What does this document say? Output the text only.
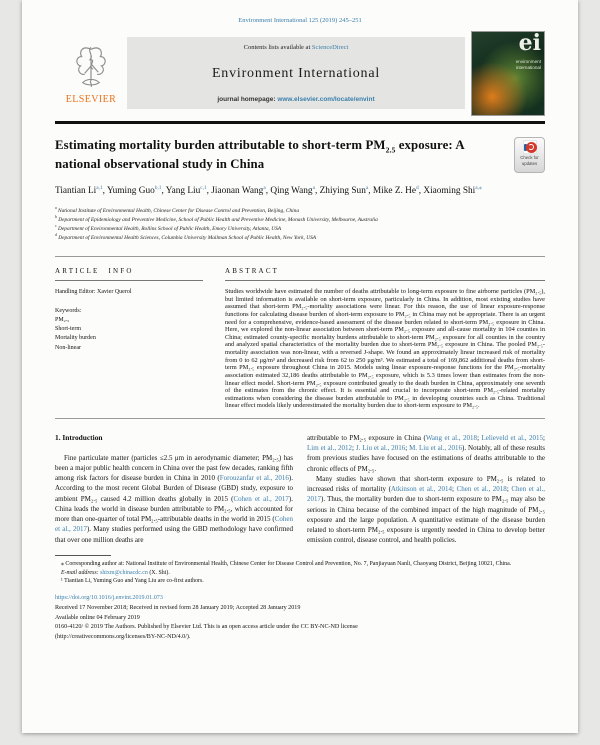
Environment International 125 (2019) 245–251
ELSEVIER
Contents lists available at ScienceDirect
Environment International
journal homepage: www.elsevier.com/locate/envint
ei
environment
international
Estimating mortality burden attributable to short-term $PM_{2.5}$ exposure: A national observational study in China	Check for
updates
Tiantian Li$^{a,1}$, Yuming Guo$^{b,1}$, Yang Liu$^{c,1}$, Jiaonan Wang$^a$, Qing Wang$^a$, Zhiying Sun$^a$, Mike Z. He$^d$, Xiaoming Shi$^{a,⁎}$
$^a$ National Institute of Environmental Health, Chinese Center for Disease Control and Prevention, Beijing, China
$^b$ Department of Epidemiology and Preventive Medicine, School of Public Health and Preventive Medicine, Monash University, Melbourne, Australia
$^c$ Department of Environmental Health, Rollins School of Public Health, Emory University, Atlanta, USA
$^d$ Department of Environmental Health Sciences, Columbia University Mailman School of Public Health, New York, USA
ARTICLE INFO
Handling Editor: Xavier Querol
Keywords:
PM₂.₅
Short-term
Mortality burden
Non-linear
ABSTRACT
Studies worldwide have estimated the number of deaths attributable to long-term exposure to fine airborne particles (PM₂.₅), but limited information is available on short-term exposure, particularly in China. In addition, most existing studies have assumed that short-term PM₂.₅-mortality associations were linear. For this reason, the use of linear exposure-response functions for calculating disease burden of short-term exposure to PM₂.₅ in China may not be appropriate. There is an urgent need for a comprehensive, evidence-based assessment of the disease burden related to short-term PM₂.₅ exposure in China. Here, we explored the non-linear association between short-term PM₂.₅ exposure and all-cause mortality in 104 counties in China; estimated county-specific mortality burdens attributable to short-term PM₂.₅ exposure for all counties in the country and analyzed spatial characteristics of the mortality burden due to short-term PM₂.₅ exposure in China. The pooled PM₂.₅-mortality association was non-linear, with a reversed J-shape. We found an approximately linear increased risk of mortality from 0 to 62 μg/m³ and decreased risk from 62 to 250 μg/m³. We estimated a total of 169,862 additional deaths from short-term PM₂.₅ exposure throughout China in 2015. Models using linear exposure-response functions for the PM₂.₅-mortality association estimated 32,186 deaths attributable to PM₂.₅ exposure, which is 5.3 times lower than estimates from the non-linear effect model. Short-term PM₂.₅ exposure contributed greatly to the death burden in China, approximately one seventh of the estimates from the chronic effect. It is essential and crucial to incorporate short-term PM₂.₅-related mortality estimations when considering the disease burden attributable to PM₂.₅ in developing countries such as China. Traditional linear effect models likely underestimated the mortality burden due to short-term exposure to PM₂.₅.
1. Introduction
Fine particulate matter (particles ≤2.5 μm in aerodynamic diameter; PM₂.₅) has been a major public health concern in China over the past few decades, ranking fifth among risk factors for disease burden in China in 2010 (Forouzanfar et al., 2016). According to the most recent Global Burden of Disease (GBD) study, exposure to ambient PM₂.₅ caused 4.2 million deaths globally in 2015 (Cohen et al., 2017). China leads the world in disease burden attributable to PM₂.₅, which accounted for more than one-quarter of total PM₂.₅-attributable deaths in the world in 2015 (Cohen et al., 2017). Many studies performed using the GBD methodology have confirmed that over one million deaths are
attributable to PM₂.₅ exposure in China (Wang et al., 2018; Lelieveld et al., 2015; Lim et al., 2012; J. Liu et al., 2016; M. Liu et al., 2016). Notably, all of these results from previous studies have focused on the estimations of deaths attributable to the chronic effects of PM₂.₅.
Many studies have shown that short-term exposure to PM₂.₅ is related to increased risks of mortality (Atkinson et al., 2014; Chen et al., 2018; Chen et al., 2017). Thus, the mortality burden due to short-term exposure to PM₂.₅ may also be serious in China because of the combined impact of the high magnitude of PM₂.₅ exposure and the large population. A quantitative estimate of the disease burden related to short-term PM₂.₅ exposure is urgently needed in China to develop better emission control, disease control, and health policies.
⁎ Corresponding author at: National Institute of Environmental Health, Chinese Center for Disease Control and Prevention, No. 7, Panjiayuan Nanli, Chaoyang District, Beijing 10021, China.
E-mail address: shixm@chinacdc.cn (X. Shi).
¹ Tiantian Li, Yuming Guo and Yang Liu are co-first authors.
https://doi.org/10.1016/j.envint.2019.01.073
Received 17 November 2018; Received in revised form 28 January 2019; Accepted 28 January 2019
Available online 04 February 2019
0160-4120/ © 2019 The Authors. Published by Elsevier Ltd. This is an open access article under the CC BY-NC-ND license
(http://creativecommons.org/licenses/BY-NC-ND/4.0/).
